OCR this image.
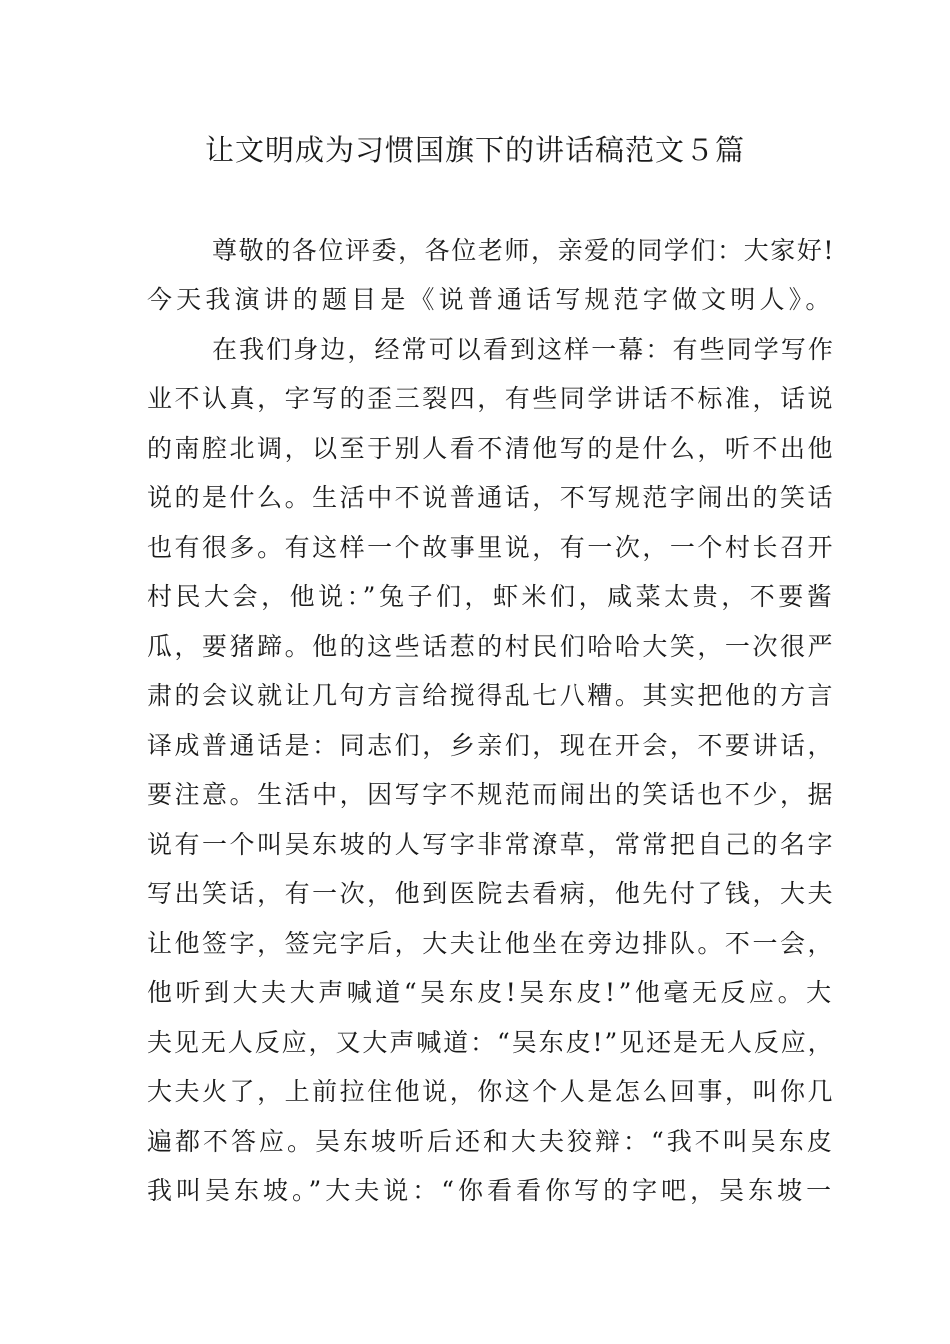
让文明成为习惯国旗下的讲话稿范文５篇

尊敬的各位评委，各位老师，亲爱的同学们：大家好!

今天我演讲的题目是《说普通话写规范字做文明人》。

在我们身边，经常可以看到这样一幕：有些同学写作

业不认真，字写的歪三裂四，有些同学讲话不标准，话说

的南腔北调，以至于别人看不清他写的是什么，听不出他

说的是什么。生活中不说普通话，不写规范字闹出的笑话

也有很多。有这样一个故事里说，有一次，一个村长召开

村民大会，他说：”兔子们，虾米们，咸菜太贵，不要酱

瓜，要猪蹄。他的这些话惹的村民们哈哈大笑，一次很严

肃的会议就让几句方言给搅得乱七八糟。其实把他的方言

译成普通话是：同志们，乡亲们，现在开会，不要讲话，

要注意。生活中，因写字不规范而闹出的笑话也不少，据

说有一个叫吴东坡的人写字非常潦草，常常把自己的名字

写出笑话，有一次，他到医院去看病，他先付了钱，大夫

让他签字，签完字后，大夫让他坐在旁边排队。不一会，

他听到大夫大声喊道“吴东皮!吴东皮!”他毫无反应。大

夫见无人反应，又大声喊道：“吴东皮!”见还是无人反应，

大夫火了，上前拉住他说，你这个人是怎么回事，叫你几

遍都不答应。吴东坡听后还和大夫狡辩：“我不叫吴东皮

我叫吴东坡。”大夫说：“你看看你写的字吧，吴东坡一
